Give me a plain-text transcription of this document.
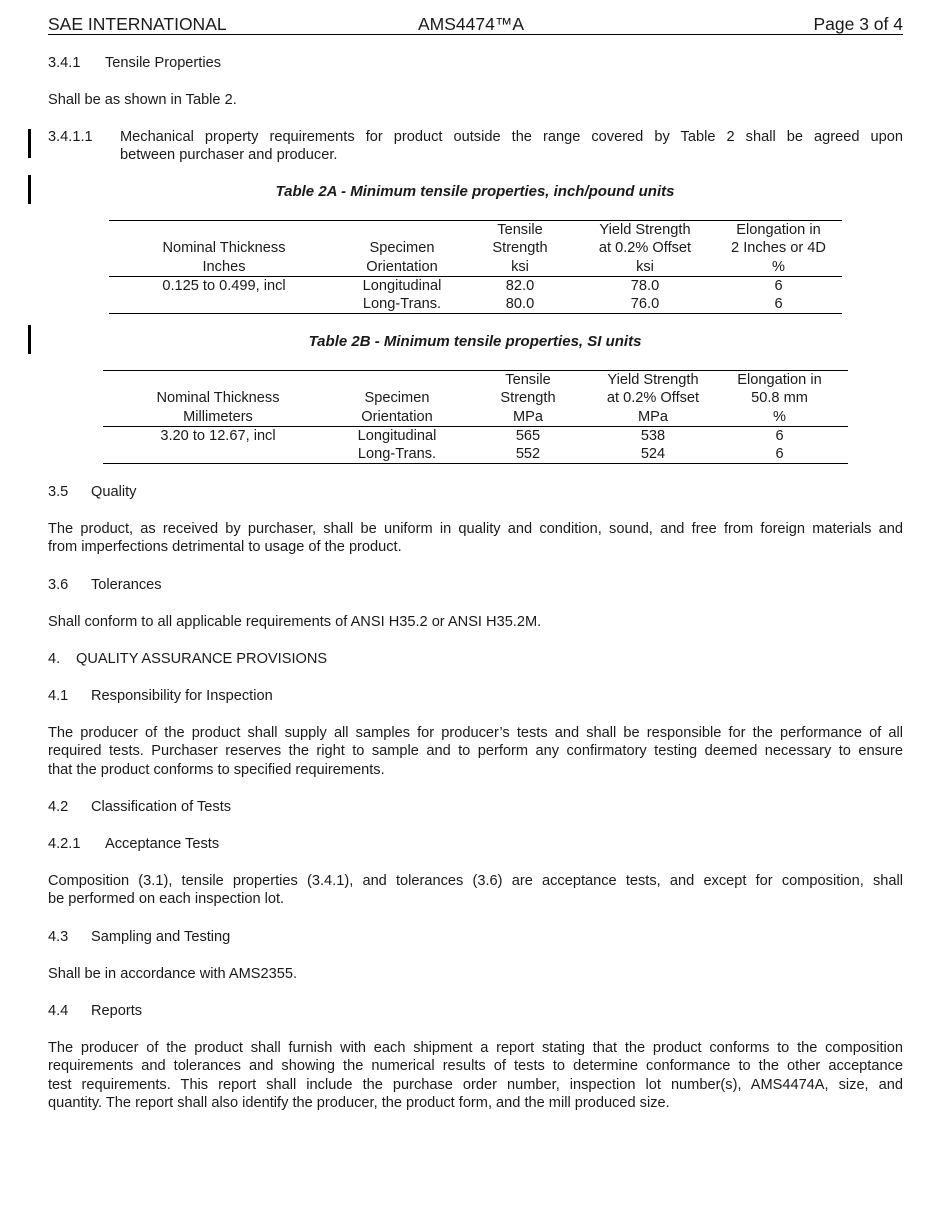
SAE INTERNATIONAL	AMS4474™A	Page 3 of 4
3.4.1 Tensile Properties
Shall be as shown in Table 2.
3.4.1.1	Mechanical property requirements for product outside the range covered by Table 2 shall be agreed upon
between purchaser and producer.
Table 2A - Minimum tensile properties, inch/pound units
		Tensile	Yield Strength	Elongation in
Nominal Thickness	Specimen	Strength	at 0.2% Offset	2 Inches or 4D
Inches	Orientation	ksi	ksi	%
0.125 to 0.499, incl	Longitudinal	82.0	78.0	6
	Long-Trans.	80.0	76.0	6
Table 2B - Minimum tensile properties, SI units
		Tensile	Yield Strength	Elongation in
Nominal Thickness	Specimen	Strength	at 0.2% Offset	50.8 mm
Millimeters	Orientation	MPa	MPa	%
3.20 to 12.67, incl	Longitudinal	565	538	6
	Long-Trans.	552	524	6
3.5 Quality
The product, as received by purchaser, shall be uniform in quality and condition, sound, and free from foreign materials and
from imperfections detrimental to usage of the product.
3.6 Tolerances
Shall conform to all applicable requirements of ANSI H35.2 or ANSI H35.2M.
4. QUALITY ASSURANCE PROVISIONS
4.1 Responsibility for Inspection
The producer of the product shall supply all samples for producer’s tests and shall be responsible for the performance of all
required tests. Purchaser reserves the right to sample and to perform any confirmatory testing deemed necessary to ensure
that the product conforms to specified requirements.
4.2 Classification of Tests
4.2.1 Acceptance Tests
Composition (3.1), tensile properties (3.4.1), and tolerances (3.6) are acceptance tests, and except for composition, shall
be performed on each inspection lot.
4.3 Sampling and Testing
Shall be in accordance with AMS2355.
4.4 Reports
The producer of the product shall furnish with each shipment a report stating that the product conforms to the composition
requirements and tolerances and showing the numerical results of tests to determine conformance to the other acceptance
test requirements. This report shall include the purchase order number, inspection lot number(s), AMS4474A, size, and
quantity. The report shall also identify the producer, the product form, and the mill produced size.
